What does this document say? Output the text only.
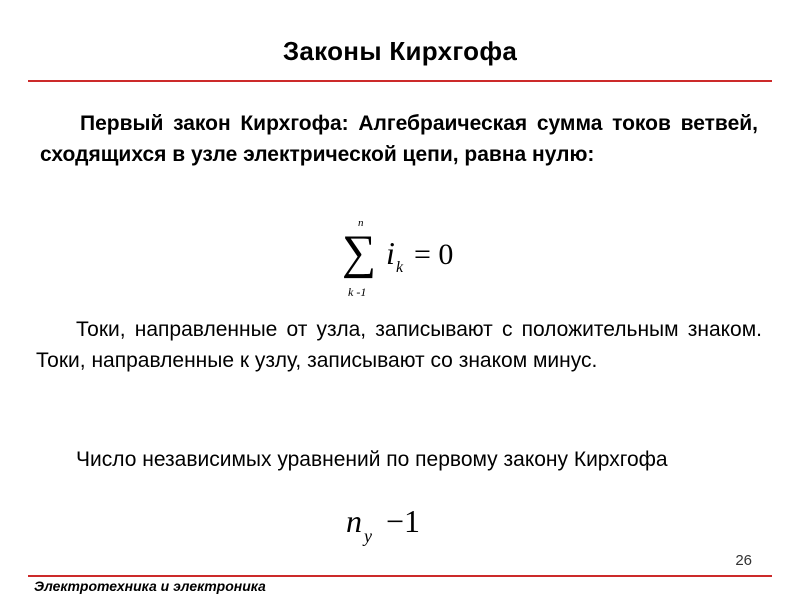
Законы Кирхгофа
Первый закон Кирхгофа: Алгебраическая сумма токов ветвей, сходящихся в узле электрической цепи, равна нулю:
n
∑
k -1
i k = 0
Токи, направленные от узла, записывают с положительным знаком. Токи, направленные к узлу, записывают со знаком минус.
Число независимых уравнений по первому закону Кирхгофа
n у −1
26
Электротехника и электроника
